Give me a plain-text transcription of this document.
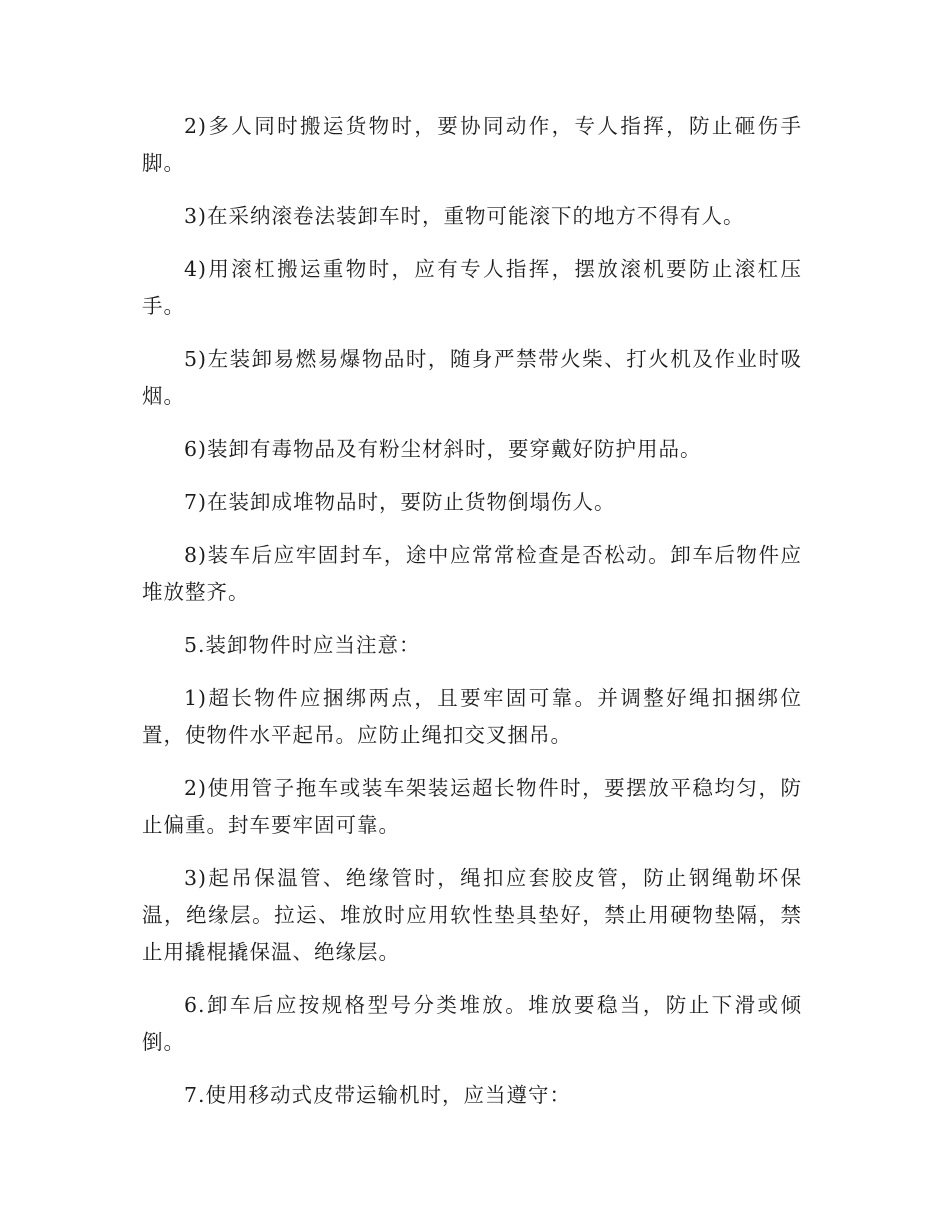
2)多人同时搬运货物时，要协同动作，专人指挥，防止砸伤手脚。

3)在采纳滚卷法装卸车时，重物可能滚下的地方不得有人。

4)用滚杠搬运重物时，应有专人指挥，摆放滚机要防止滚杠压手。

5)左装卸易燃易爆物品时，随身严禁带火柴、打火机及作业时吸烟。

6)装卸有毒物品及有粉尘材斜时，要穿戴好防护用品。

7)在装卸成堆物品时，要防止货物倒塌伤人。

8)装车后应牢固封车，途中应常常检查是否松动。卸车后物件应堆放整齐。

5.装卸物件时应当注意：

1)超长物件应捆绑两点，且要牢固可靠。并调整好绳扣捆绑位置，使物件水平起吊。应防止绳扣交叉捆吊。

2)使用管子拖车或装车架装运超长物件时，要摆放平稳均匀，防止偏重。封车要牢固可靠。

3)起吊保温管、绝缘管时，绳扣应套胶皮管，防止钢绳勒坏保温，绝缘层。拉运、堆放时应用软性垫具垫好，禁止用硬物垫隔，禁止用撬棍撬保温、绝缘层。

6.卸车后应按规格型号分类堆放。堆放要稳当，防止下滑或倾倒。

7.使用移动式皮带运输机时，应当遵守：
